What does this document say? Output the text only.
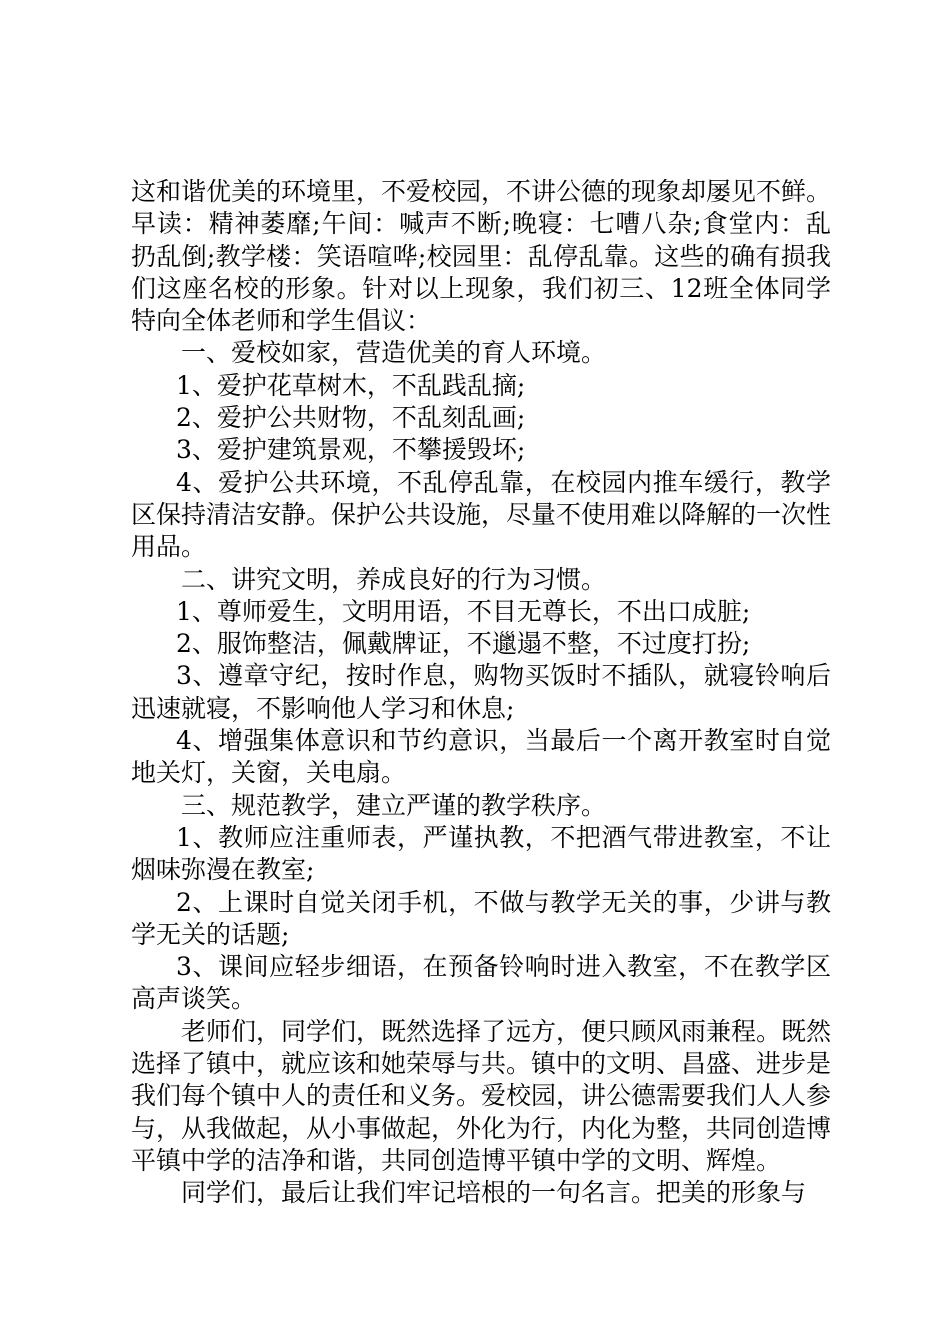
这和谐优美的环境里，不爱校园，不讲公德的现象却屡见不鲜。早读：精神萎靡;午间：喊声不断;晚寝：七嘈八杂;食堂内：乱扔乱倒;教学楼：笑语喧哗;校园里：乱停乱靠。这些的确有损我们这座名校的形象。针对以上现象，我们初三、12班全体同学特向全体老师和学生倡议：

一、爱校如家，营造优美的育人环境。

1、爱护花草树木，不乱践乱摘;

2、爱护公共财物，不乱刻乱画;

3、爱护建筑景观，不攀援毁坏;

4、爱护公共环境，不乱停乱靠，在校园内推车缓行，教学区保持清洁安静。保护公共设施，尽量不使用难以降解的一次性用品。

二、讲究文明，养成良好的行为习惯。

1、尊师爱生，文明用语，不目无尊长，不出口成脏;

2、服饰整洁，佩戴牌证，不邋遢不整，不过度打扮;

3、遵章守纪，按时作息，购物买饭时不插队，就寝铃响后迅速就寝，不影响他人学习和休息;

4、增强集体意识和节约意识，当最后一个离开教室时自觉地关灯，关窗，关电扇。

三、规范教学，建立严谨的教学秩序。

1、教师应注重师表，严谨执教，不把酒气带进教室，不让烟味弥漫在教室;

2、上课时自觉关闭手机，不做与教学无关的事，少讲与教学无关的话题;

3、课间应轻步细语，在预备铃响时进入教室，不在教学区高声谈笑。

老师们，同学们，既然选择了远方，便只顾风雨兼程。既然选择了镇中，就应该和她荣辱与共。镇中的文明、昌盛、进步是我们每个镇中人的责任和义务。爱校园，讲公德需要我们人人参与，从我做起，从小事做起，外化为行，内化为整，共同创造博平镇中学的洁净和谐，共同创造博平镇中学的文明、辉煌。

同学们，最后让我们牢记培根的一句名言。把美的形象与
